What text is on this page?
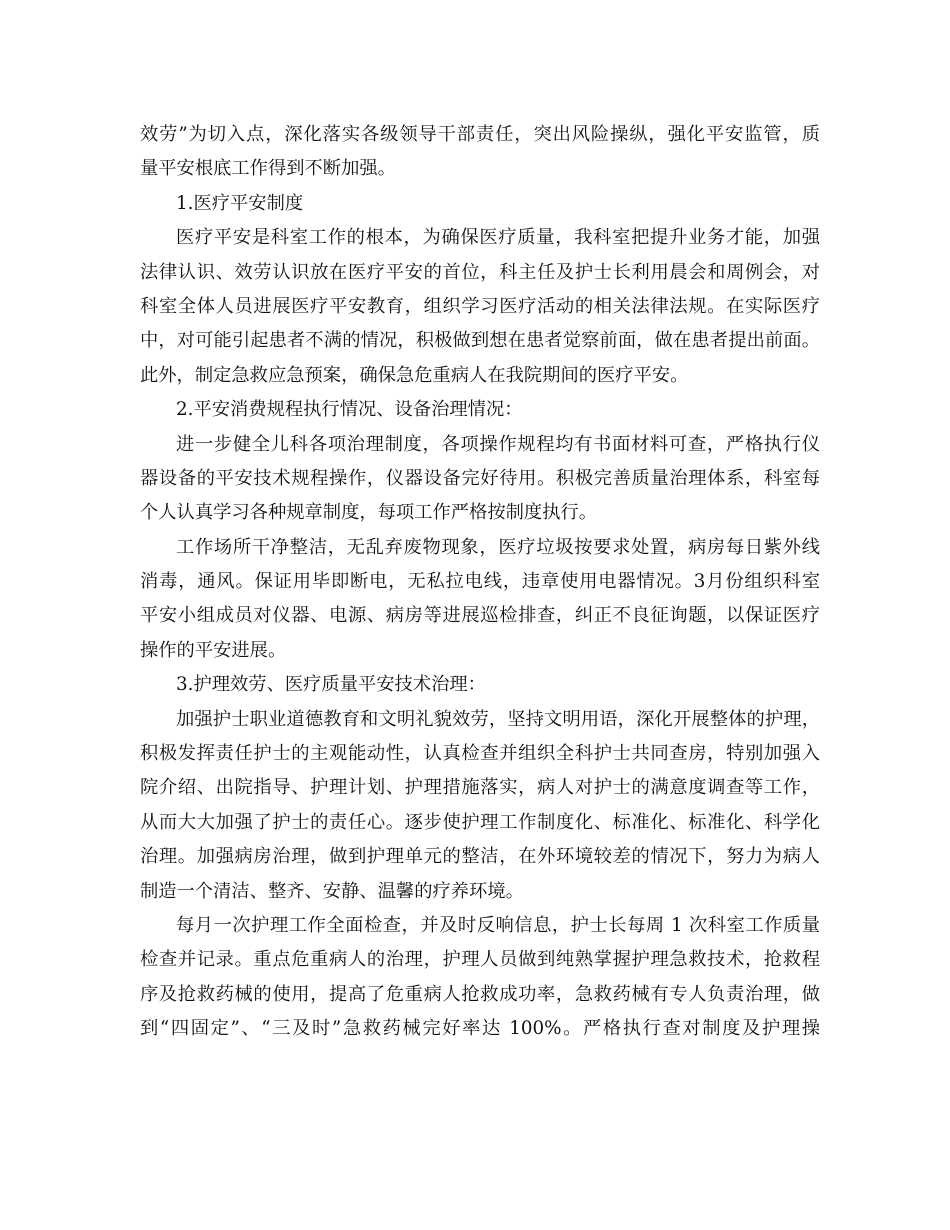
效劳”为切入点，深化落实各级领导干部责任，突出风险操纵，强化平安监管，质
量平安根底工作得到不断加强。
1.医疗平安制度
医疗平安是科室工作的根本，为确保医疗质量，我科室把提升业务才能，加强
法律认识、效劳认识放在医疗平安的首位，科主任及护士长利用晨会和周例会，对
科室全体人员进展医疗平安教育，组织学习医疗活动的相关法律法规。在实际医疗
中，对可能引起患者不满的情况，积极做到想在患者觉察前面，做在患者提出前面。
此外，制定急救应急预案，确保急危重病人在我院期间的医疗平安。
2.平安消费规程执行情况、设备治理情况：
进一步健全儿科各项治理制度，各项操作规程均有书面材料可查，严格执行仪
器设备的平安技术规程操作，仪器设备完好待用。积极完善质量治理体系，科室每
个人认真学习各种规章制度，每项工作严格按制度执行。
工作场所干净整洁，无乱弃废物现象，医疗垃圾按要求处置，病房每日紫外线
消毒，通风。保证用毕即断电，无私拉电线，违章使用电器情况。3月份组织科室
平安小组成员对仪器、电源、病房等进展巡检排查，纠正不良征询题，以保证医疗
操作的平安进展。
3.护理效劳、医疗质量平安技术治理：
加强护士职业道德教育和文明礼貌效劳，坚持文明用语，深化开展整体的护理，
积极发挥责任护士的主观能动性，认真检查并组织全科护士共同查房，特别加强入
院介绍、出院指导、护理计划、护理措施落实，病人对护士的满意度调查等工作，
从而大大加强了护士的责任心。逐步使护理工作制度化、标准化、标准化、科学化
治理。加强病房治理，做到护理单元的整洁，在外环境较差的情况下，努力为病人
制造一个清洁、整齐、安静、温馨的疗养环境。
每月一次护理工作全面检查，并及时反响信息，护士长每周 1 次科室工作质量
检查并记录。重点危重病人的治理，护理人员做到纯熟掌握护理急救技术，抢救程
序及抢救药械的使用，提高了危重病人抢救成功率，急救药械有专人负责治理，做
到“四固定”、“三及时”急救药械完好率达 100%。严格执行查对制度及护理操
